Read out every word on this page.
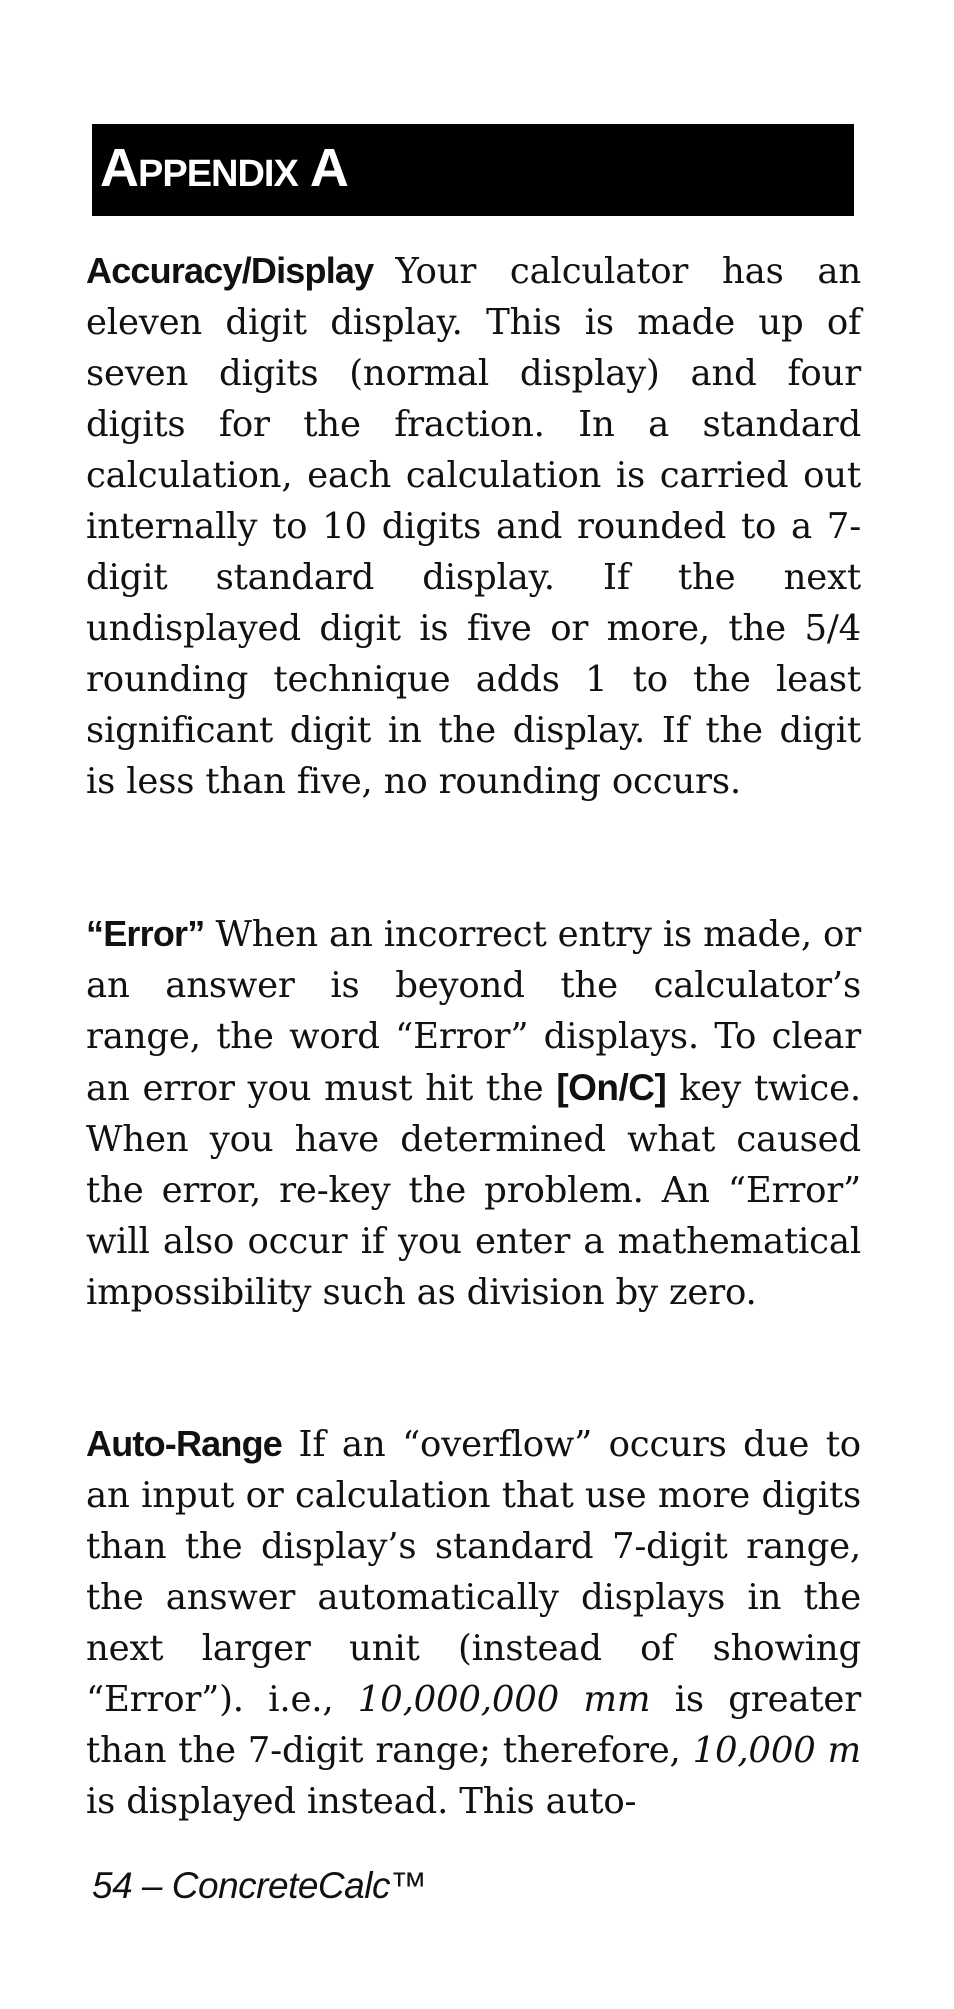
Appendix A

Accuracy/Display Your calculator has an eleven digit display. This is made up of seven digits (normal display) and four digits for the fraction. In a standard calculation, each calculation is carried out internally to 10 digits and rounded to a 7-digit standard display. If the next undisplayed digit is five or more, the 5/4 rounding technique adds 1 to the least significant digit in the display. If the digit is less than five, no rounding occurs.

“Error” When an incorrect entry is made, or an answer is beyond the calculator’s range, the word “Error” displays. To clear an error you must hit the [On/C] key twice. When you have determined what caused the error, re-key the problem. An “Error” will also occur if you enter a mathematical impossibility such as division by zero.

Auto-Range If an “overflow” occurs due to an input or calculation that use more digits than the display’s standard 7-digit range, the answer automatically displays in the next larger unit (instead of showing “Error”). i.e., 10,000,000 mm is greater than the 7-digit range; therefore, 10,000 m is displayed instead. This auto-

54 – ConcreteCalc™
